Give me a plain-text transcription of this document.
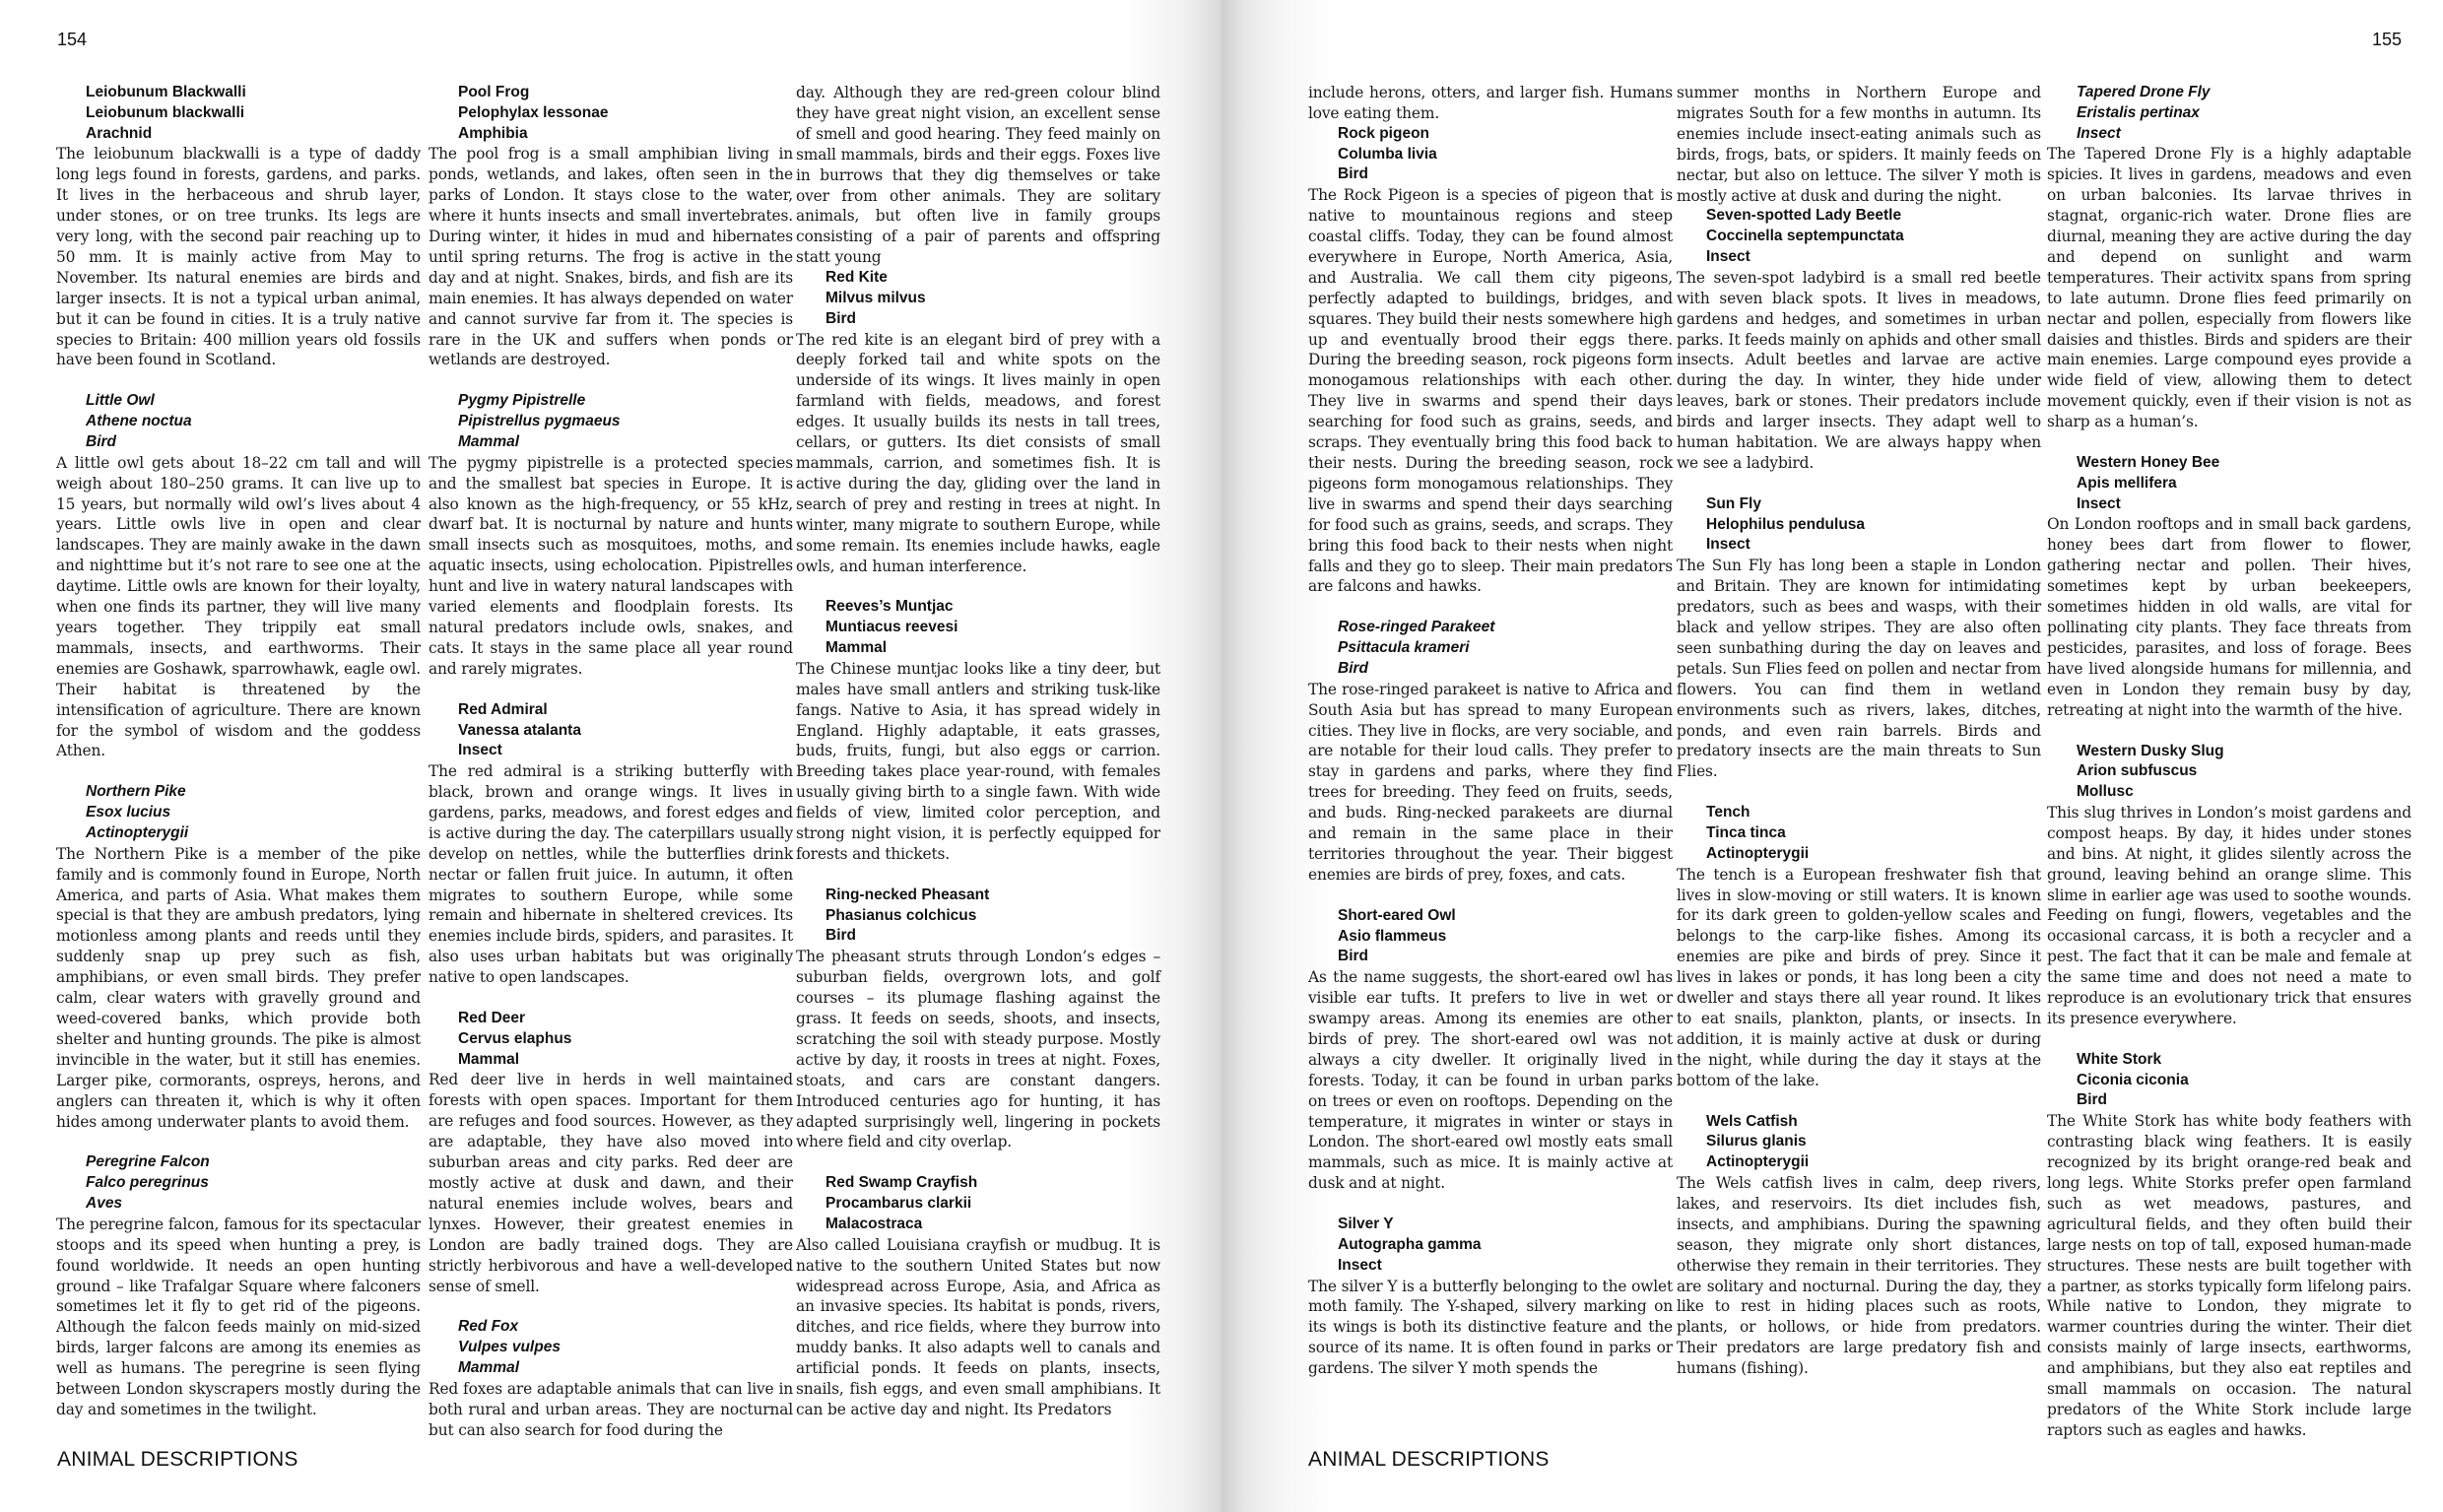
154
Leiobunum Blackwalli
Leiobunum blackwalli
Arachnid

The leiobunum blackwalli is a type of daddy long legs found in forests, gardens, and parks. It lives in the herbaceous and shrub layer, under stones, or on tree trunks. Its legs are very long, with the second pair reaching up to 50 mm. It is mainly active from May to November. Its natural enemies are birds and larger insects. It is not a typical urban animal, but it can be found in cities. It is a truly native species to Britain: 400 million years old fossils have been found in Scotland.

Little Owl
Athene noctua
Bird

A little owl gets about 18–22 cm tall and will weigh about 180–250 grams. It can live up to 15 years, but normally wild owl’s lives about 4 years. Little owls live in open and clear landscapes. They are mainly awake in the dawn and nighttime but it’s not rare to see one at the daytime. Little owls are known for their loyalty, when one finds its partner, they will live many years together. They trippily eat small mammals, insects, and earthworms. Their enemies are Goshawk, sparrowhawk, eagle owl. Their habitat is threatened by the intensification of agriculture. There are known for the symbol of wisdom and the goddess Athen.

Northern Pike
Esox lucius
Actinopterygii

The Northern Pike is a member of the pike family and is commonly found in Europe, North America, and parts of Asia. What makes them special is that they are ambush predators, lying motionless among plants and reeds until they suddenly snap up prey such as fish, amphibians, or even small birds. They prefer calm, clear waters with gravelly ground and weed-covered banks, which provide both shelter and hunting grounds. The pike is almost invincible in the water, but it still has enemies. Larger pike, cormorants, ospreys, herons, and anglers can threaten it, which is why it often hides among underwater plants to avoid them.

Peregrine Falcon
Falco peregrinus
Aves

The peregrine falcon, famous for its spectacular stoops and its speed when hunting a prey, is found worldwide. It needs an open hunting ground – like Trafalgar Square where falconers sometimes let it fly to get rid of the pigeons. Although the falcon feeds mainly on mid-sized birds, larger falcons are among its enemies as well as humans. The peregrine is seen flying between London skyscrapers mostly during the day and sometimes in the twilight.

Pool Frog
Pelophylax lessonae
Amphibia

The pool frog is a small amphibian living in ponds, wetlands, and lakes, often seen in the parks of London. It stays close to the water, where it hunts insects and small invertebrates. During winter, it hides in mud and hibernates until spring returns. The frog is active in the day and at night. Snakes, birds, and fish are its main enemies. It has always depended on water and cannot survive far from it. The species is rare in the UK and suffers when ponds or wetlands are destroyed.

Pygmy Pipistrelle
Pipistrellus pygmaeus
Mammal

The pygmy pipistrelle is a protected species and the smallest bat species in Europe. It is also known as the high-frequency, or 55 kHz, dwarf bat. It is nocturnal by nature and hunts small insects such as mosquitoes, moths, and aquatic insects, using echolocation. Pipistrelles hunt and live in watery natural landscapes with varied elements and floodplain forests. Its natural predators include owls, snakes, and cats. It stays in the same place all year round and rarely migrates.

Red Admiral
Vanessa atalanta
Insect

The red admiral is a striking butterfly with black, brown and orange wings. It lives in gardens, parks, meadows, and forest edges and is active during the day. The caterpillars usually develop on nettles, while the butterflies drink nectar or fallen fruit juice. In autumn, it often migrates to southern Europe, while some remain and hibernate in sheltered crevices. Its enemies include birds, spiders, and parasites. It also uses urban habitats but was originally native to open landscapes.

Red Deer
Cervus elaphus
Mammal

Red deer live in herds in well maintained forests with open spaces. Important for them are refuges and food sources. However, as they are adaptable, they have also moved into suburban areas and city parks. Red deer are mostly active at dusk and dawn, and their natural enemies include wolves, bears and lynxes. However, their greatest enemies in London are badly trained dogs. They are strictly herbivorous and have a well-developed sense of smell.

Red Fox
Vulpes vulpes
Mammal

Red foxes are adaptable animals that can live in both rural and urban areas. They are nocturnal but can also search for food during the

day. Although they are red-green colour blind they have great night vision, an excellent sense of smell and good hearing. They feed mainly on small mammals, birds and their eggs. Foxes live in burrows that they dig themselves or take over from other animals. They are solitary animals, but often live in family groups consisting of a pair of parents and offspring statt young

Red Kite
Milvus milvus
Bird

The red kite is an elegant bird of prey with a deeply forked tail and white spots on the underside of its wings. It lives mainly in open farmland with fields, meadows, and forest edges. It usually builds its nests in tall trees, cellars, or gutters. Its diet consists of small mammals, carrion, and sometimes fish. It is active during the day, gliding over the land in search of prey and resting in trees at night. In winter, many migrate to southern Europe, while some remain. Its enemies include hawks, eagle owls, and human interference.

Reeves’s Muntjac
Muntiacus reevesi
Mammal

The Chinese muntjac looks like a tiny deer, but males have small antlers and striking tusk-like fangs. Native to Asia, it has spread widely in England. Highly adaptable, it eats grasses, buds, fruits, fungi, but also eggs or carrion. Breeding takes place year-round, with females usually giving birth to a single fawn. With wide fields of view, limited color perception, and strong night vision, it is perfectly equipped for forests and thickets.

Ring-necked Pheasant
Phasianus colchicus
Bird

The pheasant struts through London’s edges – suburban fields, overgrown lots, and golf courses – its plumage flashing against the grass. It feeds on seeds, shoots, and insects, scratching the soil with steady purpose. Mostly active by day, it roosts in trees at night. Foxes, stoats, and cars are constant dangers. Introduced centuries ago for hunting, it has adapted surprisingly well, lingering in pockets where field and city overlap.

Red Swamp Crayfish
Procambarus clarkii
Malacostraca

Also called Louisiana crayfish or mudbug. It is native to the southern United States but now widespread across Europe, Asia, and Africa as an invasive species. Its habitat is ponds, rivers, ditches, and rice fields, where they burrow into muddy banks. It also adapts well to canals and artificial ponds. It feeds on plants, insects, snails, fish eggs, and even small amphibians. It can be active day and night. Its Predators

ANIMAL DESCRIPTIONS
155

include herons, otters, and larger fish. Humans love eating them.

Rock pigeon
Columba livia
Bird

The Rock Pigeon is a species of pigeon that is native to mountainous regions and steep coastal cliffs. Today, they can be found almost everywhere in Europe, North America, Asia, and Australia. We call them city pigeons, perfectly adapted to buildings, bridges, and squares. They build their nests somewhere high up and eventually brood their eggs there. During the breeding season, rock pigeons form monogamous relationships with each other. They live in swarms and spend their days searching for food such as grains, seeds, and scraps. They eventually bring this food back to their nests. During the breeding season, rock pigeons form monogamous relationships. They live in swarms and spend their days searching for food such as grains, seeds, and scraps. They bring this food back to their nests when night falls and they go to sleep. Their main predators are falcons and hawks.

Rose-ringed Parakeet
Psittacula krameri
Bird

The rose-ringed parakeet is native to Africa and South Asia but has spread to many European cities. They live in flocks, are very sociable, and are notable for their loud calls. They prefer to stay in gardens and parks, where they find trees for breeding. They feed on fruits, seeds, and buds. Ring-necked parakeets are diurnal and remain in the same place in their territories throughout the year. Their biggest enemies are birds of prey, foxes, and cats.

Short-eared Owl
Asio flammeus
Bird

As the name suggests, the short-eared owl has visible ear tufts. It prefers to live in wet or swampy areas. Among its enemies are other birds of prey. The short-eared owl was not always a city dweller. It originally lived in forests. Today, it can be found in urban parks on trees or even on rooftops. Depending on the temperature, it migrates in winter or stays in London. The short-eared owl mostly eats small mammals, such as mice. It is mainly active at dusk and at night.

Silver Y
Autographa gamma
Insect

The silver Y is a butterfly belonging to the owlet moth family. The Y-shaped, silvery marking on its wings is both its distinctive feature and the source of its name. It is often found in parks or gardens. The silver Y moth spends the

summer months in Northern Europe and migrates South for a few months in autumn. Its enemies include insect-eating animals such as birds, frogs, bats, or spiders. It mainly feeds on nectar, but also on lettuce. The silver Y moth is mostly active at dusk and during the night.

Seven-spotted Lady Beetle
Coccinella septempunctata
Insect

The seven-spot ladybird is a small red beetle with seven black spots. It lives in meadows, gardens and hedges, and sometimes in urban parks. It feeds mainly on aphids and other small insects. Adult beetles and larvae are active during the day. In winter, they hide under leaves, bark or stones. Their predators include birds and larger insects. They adapt well to human habitation. We are always happy when we see a ladybird.

Sun Fly
Helophilus pendulusa
Insect

The Sun Fly has long been a staple in London and Britain. They are known for intimidating predators, such as bees and wasps, with their black and yellow stripes. They are also often seen sunbathing during the day on leaves and petals. Sun Flies feed on pollen and nectar from flowers. You can find them in wetland environments such as rivers, lakes, ditches, ponds, and even rain barrels. Birds and predatory insects are the main threats to Sun Flies.

Tench
Tinca tinca
Actinopterygii

The tench is a European freshwater fish that lives in slow-moving or still waters. It is known for its dark green to golden-yellow scales and belongs to the carp-like fishes. Among its enemies are pike and birds of prey. Since it lives in lakes or ponds, it has long been a city dweller and stays there all year round. It likes to eat snails, plankton, plants, or insects. In addition, it is mainly active at dusk or during the night, while during the day it stays at the bottom of the lake.

Wels Catfish
Silurus glanis
Actinopterygii

The Wels catfish lives in calm, deep rivers, lakes, and reservoirs. Its diet includes fish, insects, and amphibians. During the spawning season, they migrate only short distances, otherwise they remain in their territories. They are solitary and nocturnal. During the day, they like to rest in hiding places such as roots, plants, or hollows, or hide from predators. Their predators are large predatory fish and humans (fishing).

Tapered Drone Fly
Eristalis pertinax
Insect

The Tapered Drone Fly is a highly adaptable spicies. It lives in gardens, meadows and even on urban balconies. Its larvae thrives in stagnat, organic-rich water. Drone flies are diurnal, meaning they are active during the day and depend on sunlight and warm temperatures. Their activitx spans from spring to late autumn. Drone flies feed primarily on nectar and pollen, especially from flowers like daisies and thistles. Birds and spiders are their main enemies. Large compound eyes provide a wide field of view, allowing them to detect movement quickly, even if their vision is not as sharp as a human’s.

Western Honey Bee
Apis mellifera
Insect

On London rooftops and in small back gardens, honey bees dart from flower to flower, gathering nectar and pollen. Their hives, sometimes kept by urban beekeepers, sometimes hidden in old walls, are vital for pollinating city plants. They face threats from pesticides, parasites, and loss of forage. Bees have lived alongside humans for millennia, and even in London they remain busy by day, retreating at night into the warmth of the hive.

Western Dusky Slug
Arion subfuscus
Mollusc

This slug thrives in London’s moist gardens and compost heaps. By day, it hides under stones and bins. At night, it glides silently across the ground, leaving behind an orange slime. This slime in earlier age was used to soothe wounds. Feeding on fungi, flowers, vegetables and the occasional carcass, it is both a recycler and a pest. The fact that it can be male and female at the same time and does not need a mate to reproduce is an evolutionary trick that ensures its presence everywhere.

White Stork
Ciconia ciconia
Bird

The White Stork has white body feathers with contrasting black wing feathers. It is easily recognized by its bright orange-red beak and long legs. White Storks prefer open farmland such as wet meadows, pastures, and agricultural fields, and they often build their large nests on top of tall, exposed human-made structures. These nests are built together with a partner, as storks typically form lifelong pairs. While native to London, they migrate to warmer countries during the winter. Their diet consists mainly of large insects, earthworms, and amphibians, but they also eat reptiles and small mammals on occasion. The natural predators of the White Stork include large raptors such as eagles and hawks.

ANIMAL DESCRIPTIONS
